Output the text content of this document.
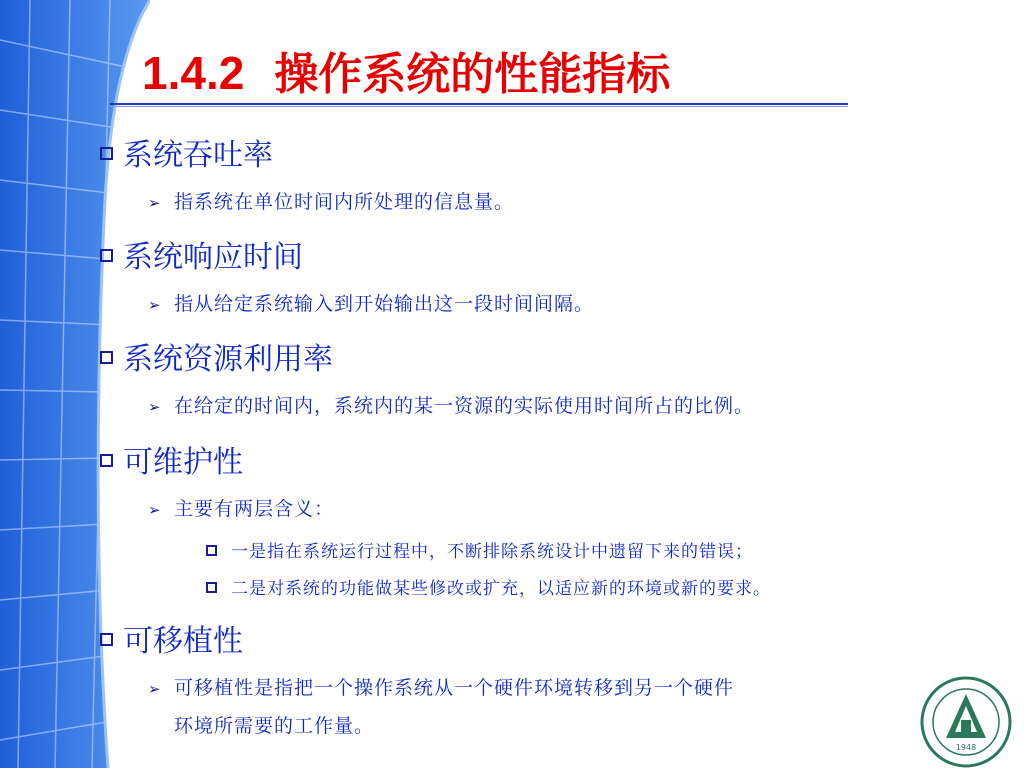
1.4.2 操作系统的性能指标
系统吞吐率
➢ 指系统在单位时间内所处理的信息量。
系统响应时间
➢ 指从给定系统输入到开始输出这一段时间间隔。
系统资源利用率
➢ 在给定的时间内，系统内的某一资源的实际使用时间所占的比例。
可维护性
➢ 主要有两层含义：
一是指在系统运行过程中，不断排除系统设计中遗留下来的错误；
二是对系统的功能做某些修改或扩充，以适应新的环境或新的要求。
可移植性
➢ 可移植性是指把一个操作系统从一个硬件环境转移到另一个硬件
环境所需要的工作量。
1948
